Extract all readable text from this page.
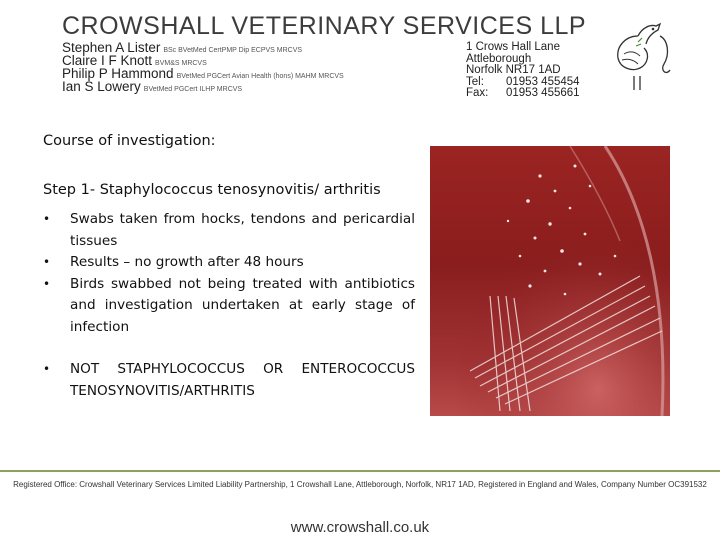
CROWSHALL VETERINARY SERVICES LLP
Stephen A Lister BSc BVetMed CertPMP Dip ECPVS MRCVS
Claire I F Knott BVM&S MRCVS
Philip P Hammond BVetMed PGCert Avian Health (hons) MAHM MRCVS
Ian S Lowery BVetMed PGCert ILHP MRCVS
1 Crows Hall Lane
Attleborough
Norfolk NR17 1AD
Tel:	01953 455454
Fax:	01953 455661
Course of investigation:
Step 1- Staphylococcus tenosynovitis/ arthritis
•	Swabs taken from hocks, tendons and pericardial tissues
•	Results – no growth after 48 hours
•	Birds swabbed not being treated with antibiotics and investigation undertaken at early stage of infection
•	NOT STAPHYLOCOCCUS OR ENTEROCOCCUS TENOSYNOVITIS/ARTHRITIS
Registered Office: Crowshall Veterinary Services Limited Liability Partnership, 1 Crowshall Lane, Attleborough, Norfolk, NR17 1AD, Registered in England and Wales, Company Number OC391532
www.crowshall.co.uk
